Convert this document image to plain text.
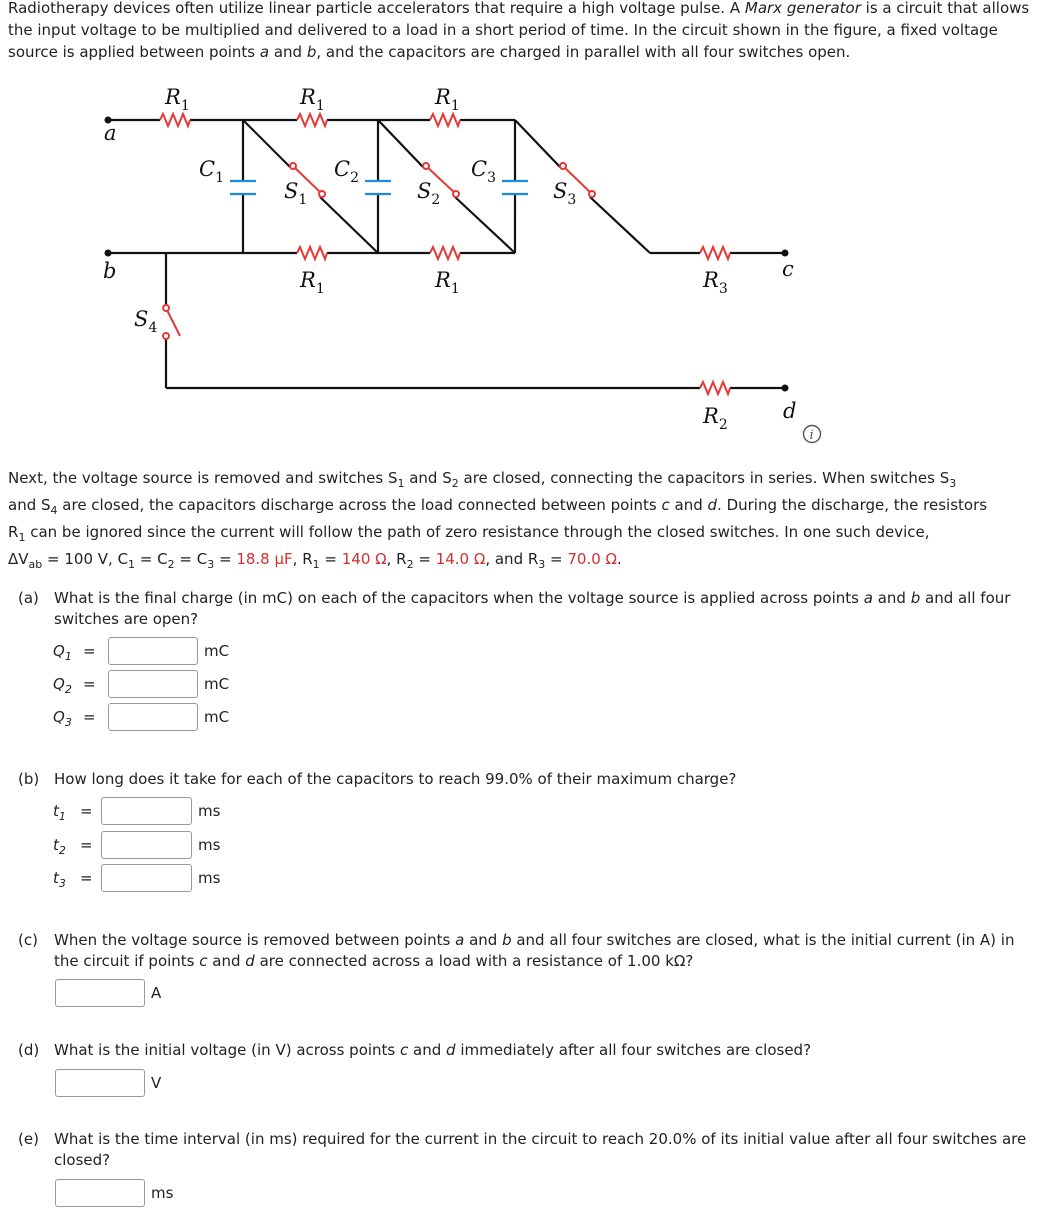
Radiotherapy devices often utilize linear particle accelerators that require a high voltage pulse. A Marx generator is a circuit that allows the input voltage to be multiplied and delivered to a load in a short period of time. In the circuit shown in the figure, a fixed voltage source is applied between points a and b, and the capacitors are charged in parallel with all four switches open.

a
b	c
d
$R_1$	$R_1$	$R_1$
$R_1$	$R_1$	$R_3$
$R_2$
$C_1$	$C_2$	$C_3$
$S_1$	$S_2$	$S_3$
$S_4$
i

Next, the voltage source is removed and switches $S_1$ and $S_2$ are closed, connecting the capacitors in series. When switches $S_3$
and $S_4$ are closed, the capacitors discharge across the load connected between points c and d. During the discharge, the resistors
$R_1$ can be ignored since the current will follow the path of zero resistance through the closed switches. In one such device,
$\Delta V_{ab} = 100$ V, $C_1 = C_2 = C_3 = 18.8$ µF, $R_1 = 140$ Ω, $R_2 = 14.0$ Ω, and $R_3 = 70.0$ Ω.

(a) What is the final charge (in mC) on each of the capacitors when the voltage source is applied across points a and b and all four switches are open?
$Q_1$ =	mC
$Q_2$ =	mC
$Q_3$ =	mC
(b) How long does it take for each of the capacitors to reach 99.0% of their maximum charge?
$t_1$ =	ms
$t_2$ =	ms
$t_3$ =	ms
(c) When the voltage source is removed between points a and b and all four switches are closed, what is the initial current (in A) in the circuit if points c and d are connected across a load with a resistance of 1.00 kΩ?
A
(d) What is the initial voltage (in V) across points c and d immediately after all four switches are closed?
V
(e) What is the time interval (in ms) required for the current in the circuit to reach 20.0% of its initial value after all four switches are closed?
ms
